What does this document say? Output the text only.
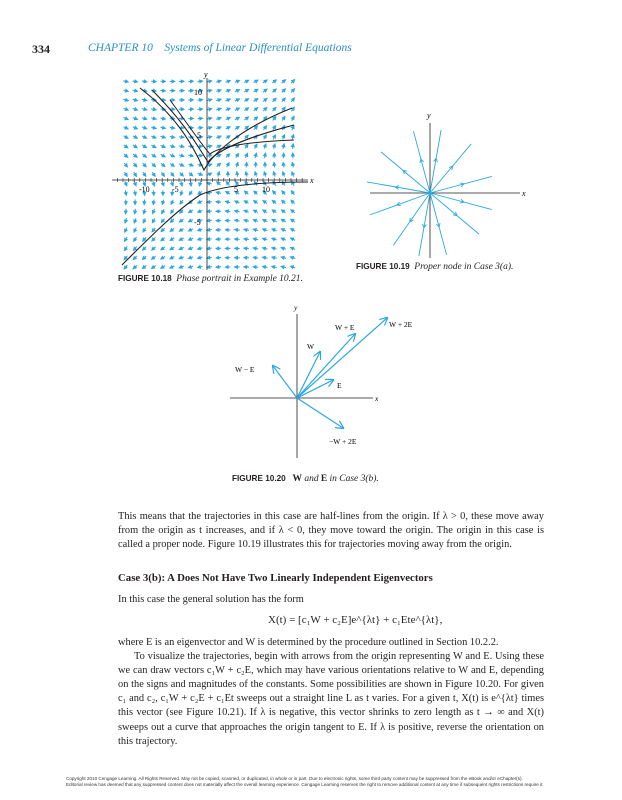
334	CHAPTER 10 Systems of Linear Differential Equations
y
x
-10	-5	5	10
10
5
-5
FIGURE 10.18 Phase portrait in Example 10.21.
y
x
FIGURE 10.19 Proper node in Case 3(a).
y
x
W + 2E
W + E
W
W − E
E
−W + 2E
FIGURE 10.20 W and E in Case 3(b).

This means that the trajectories in this case are half-lines from the origin. If λ > 0, these move away from the origin as t increases, and if λ < 0, they move toward the origin. The origin in this case is called a proper node. Figure 10.19 illustrates this for trajectories moving away from the origin.

Case 3(b): A Does Not Have Two Linearly Independent Eigenvectors

In this case the general solution has the form

X(t) = [c₁W + c₂E]e^{λt} + c₁Ete^{λt},

where E is an eigenvector and W is determined by the procedure outlined in Section 10.2.2.

To visualize the trajectories, begin with arrows from the origin representing W and E. Using these we can draw vectors c₁W + c₂E, which may have various orientations relative to W and E, depending on the signs and magnitudes of the constants. Some possibilities are shown in Figure 10.20. For given c₁ and c₂, c₁W + c₂E + c₁Et sweeps out a straight line L as t varies. For a given t, X(t) is e^{λt} times this vector (see Figure 10.21). If λ is negative, this vector shrinks to zero length as t → ∞ and X(t) sweeps out a curve that approaches the origin tangent to E. If λ is positive, reverse the orientation on this trajectory.

Copyright 2010 Cengage Learning. All Rights Reserved. May not be copied, scanned, or duplicated, in whole or in part. Due to electronic rights, some third party content may be suppressed from the eBook and/or eChapter(s).
Editorial review has deemed that any suppressed content does not materially affect the overall learning experience. Cengage Learning reserves the right to remove additional content at any time if subsequent rights restrictions require it.
